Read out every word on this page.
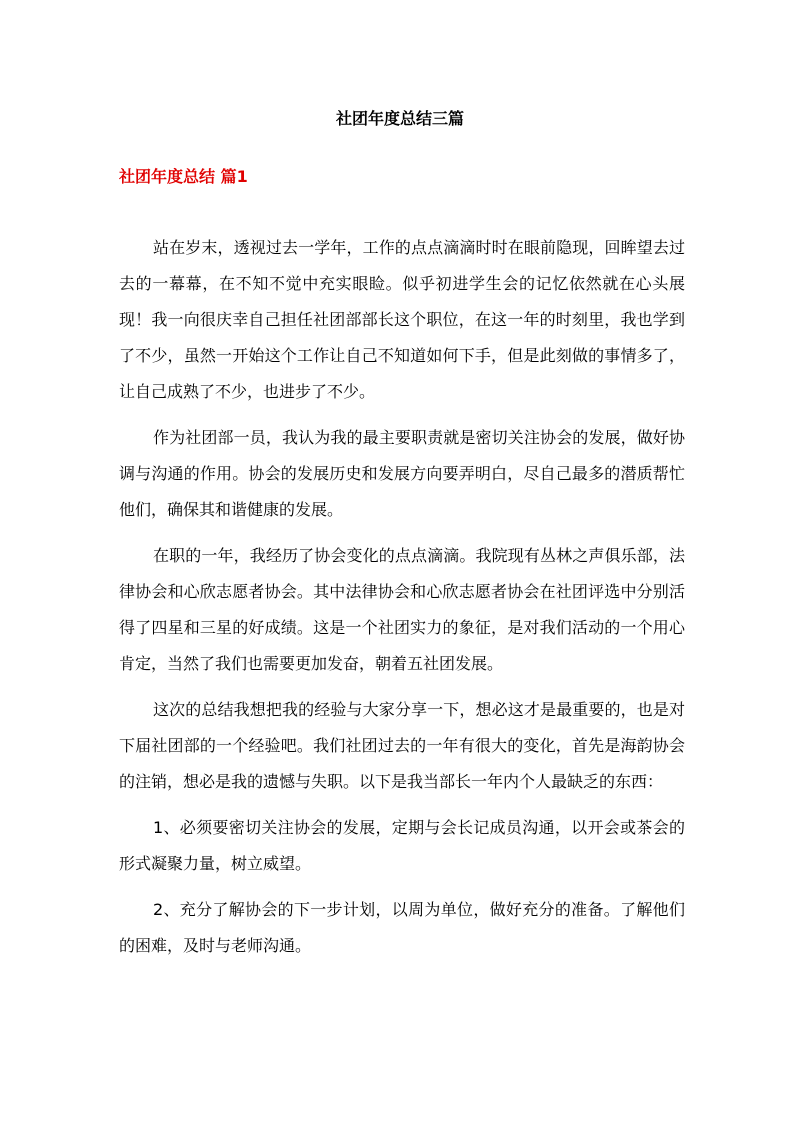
社团年度总结三篇
社团年度总结 篇1

站在岁末，透视过去一学年，工作的点点滴滴时时在眼前隐现，回眸望去过去的一幕幕，在不知不觉中充实眼睑。似乎初进学生会的记忆依然就在心头展现！我一向很庆幸自己担任社团部部长这个职位，在这一年的时刻里，我也学到了不少，虽然一开始这个工作让自己不知道如何下手，但是此刻做的事情多了，让自己成熟了不少，也进步了不少。

作为社团部一员，我认为我的最主要职责就是密切关注协会的发展，做好协调与沟通的作用。协会的发展历史和发展方向要弄明白，尽自己最多的潜质帮忙他们，确保其和谐健康的发展。

在职的一年，我经历了协会变化的点点滴滴。我院现有丛林之声俱乐部，法律协会和心欣志愿者协会。其中法律协会和心欣志愿者协会在社团评选中分别活得了四星和三星的好成绩。这是一个社团实力的象征，是对我们活动的一个用心肯定，当然了我们也需要更加发奋，朝着五社团发展。

这次的总结我想把我的经验与大家分享一下，想必这才是最重要的，也是对下届社团部的一个经验吧。我们社团过去的一年有很大的变化，首先是海韵协会的注销，想必是我的遗憾与失职。以下是我当部长一年内个人最缺乏的东西：

1、必须要密切关注协会的发展，定期与会长记成员沟通，以开会或茶会的形式凝聚力量，树立威望。

2、充分了解协会的下一步计划，以周为单位，做好充分的准备。了解他们的困难，及时与老师沟通。
